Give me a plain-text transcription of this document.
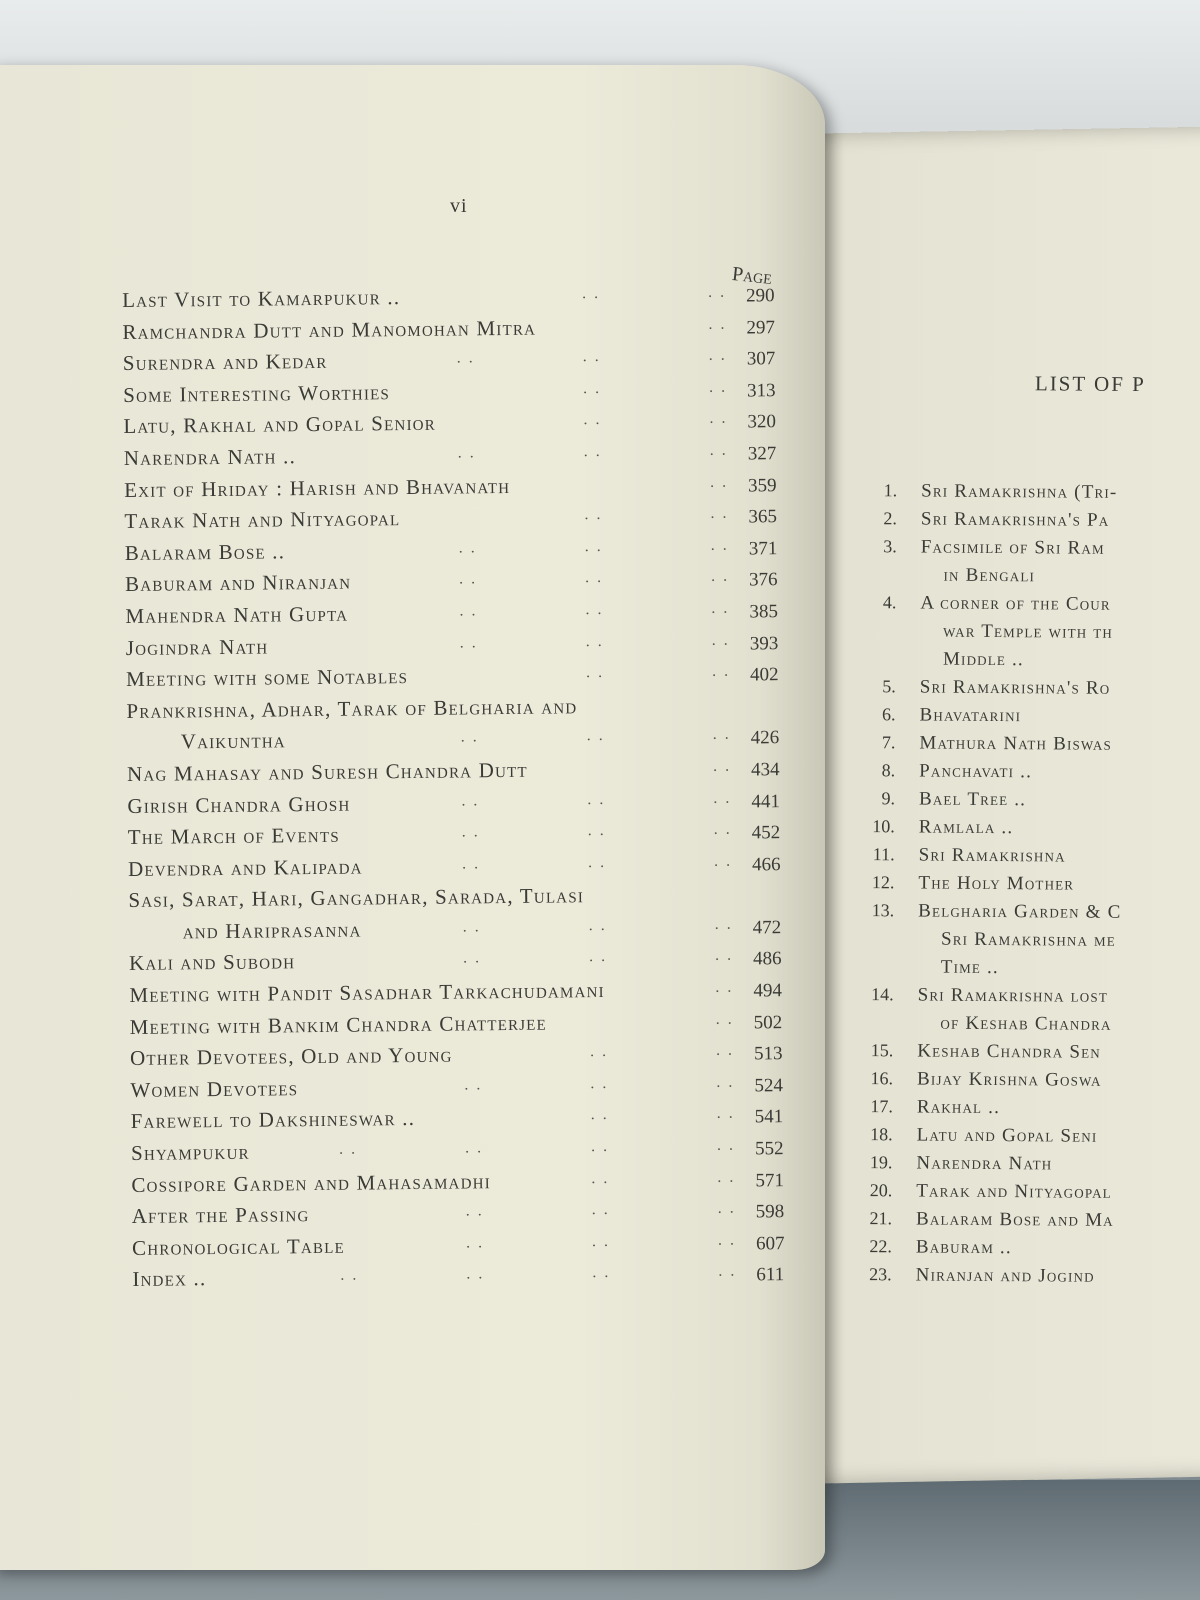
LIST OF P
1. Sri Ramakrishna (Tri-
2. Sri Ramakrishna's Pa
3. Facsimile of Sri Ram
in Bengali
4. A corner of the Cour
war Temple with th
Middle ..
5. Sri Ramakrishna's Ro
6. Bhavatarini
7. Mathura Nath Biswas
8. Panchavati ..
9. Bael Tree ..
10. Ramlala ..
11. Sri Ramakrishna
12. The Holy Mother
13. Belgharia Garden & C
Sri Ramakrishna me
Time ..
14. Sri Ramakrishna lost
of Keshab Chandra
15. Keshab Chandra Sen
16. Bijay Krishna Goswa
17. Rakhal ..
18. Latu and Gopal Seni
19. Narendra Nath
20. Tarak and Nityagopal
21. Balaram Bose and Ma
22. Baburam ..
23. Niranjan and Jogind
vi
Page
Last Visit to Kamarpukur ..	. .	. . 290
Ramchandra Dutt and Manomohan Mitra	. . 297
Surendra and Kedar	. .	. .	. . 307
Some Interesting Worthies	. .	. . 313
Latu, Rakhal and Gopal Senior	. .	. . 320
Narendra Nath ..	. .	. .	. . 327
Exit of Hriday : Harish and Bhavanath	. . 359
Tarak Nath and Nityagopal	. .	. . 365
Balaram Bose ..	. .	. .	. . 371
Baburam and Niranjan	. .	. .	. . 376
Mahendra Nath Gupta	. .	. .	. . 385
Jogindra Nath	. .	. .	. . 393
Meeting with some Notables	. .	. . 402
Prankrishna, Adhar, Tarak of Belgharia and
Vaikuntha	. .	. .	. . 426
Nag Mahasay and Suresh Chandra Dutt	. . 434
Girish Chandra Ghosh	. .	. .	. . 441
The March of Events	. .	. .	. . 452
Devendra and Kalipada	. .	. .	. . 466
Sasi, Sarat, Hari, Gangadhar, Sarada, Tulasi
and Hariprasanna	. .	. .	. . 472
Kali and Subodh	. .	. .	. . 486
Meeting with Pandit Sasadhar Tarkachudamani	. . 494
Meeting with Bankim Chandra Chatterjee	. . 502
Other Devotees, Old and Young	. .	. . 513
Women Devotees	. .	. .	. . 524
Farewell to Dakshineswar ..	. .	. . 541
Shyampukur	. .	. .	. .	. . 552
Cossipore Garden and Mahasamadhi	. .	. . 571
After the Passing	. .	. .	. . 598
Chronological Table	. .	. .	. . 607
Index ..	. .	. .	. .	. . 611
